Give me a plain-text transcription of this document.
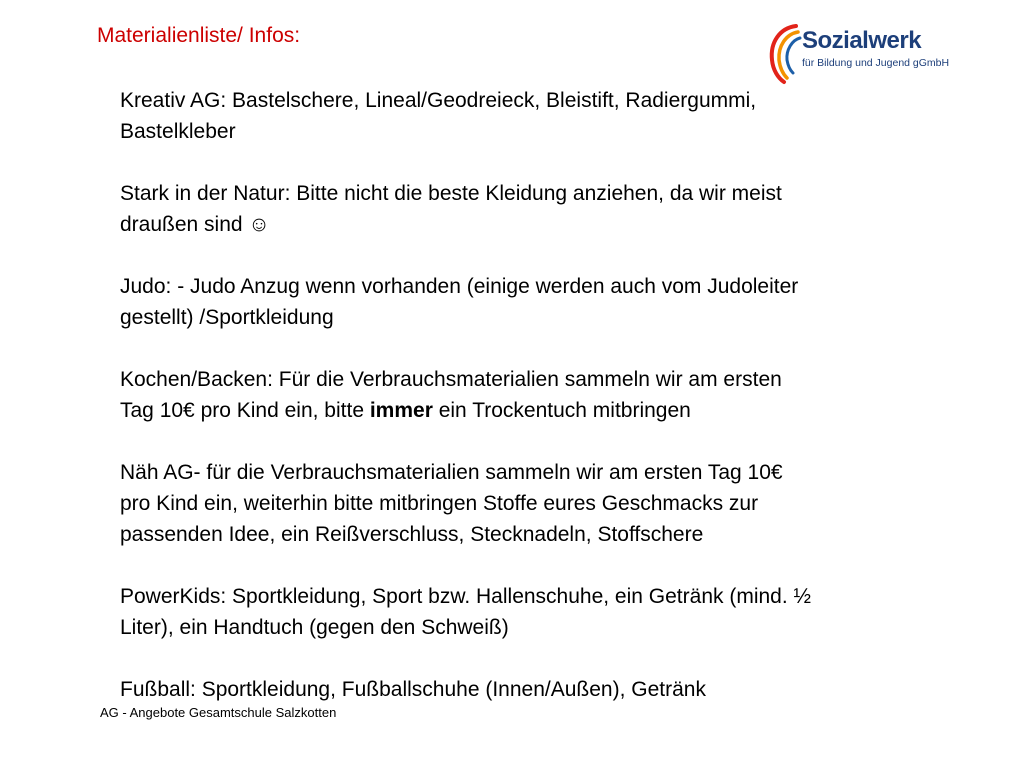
Materialienliste/ Infos:	Sozialwerk
für Bildung und Jugend gGmbH
Kreativ AG: Bastelschere, Lineal/Geodreieck, Bleistift, Radiergummi,
Bastelkleber
Stark in der Natur: Bitte nicht die beste Kleidung anziehen, da wir meist
draußen sind ☺
Judo: - Judo Anzug wenn vorhanden (einige werden auch vom Judoleiter
gestellt) /Sportkleidung
Kochen/Backen: Für die Verbrauchsmaterialien sammeln wir am ersten
Tag 10€ pro Kind ein, bitte immer ein Trockentuch mitbringen
Näh AG- für die Verbrauchsmaterialien sammeln wir am ersten Tag 10€
pro Kind ein, weiterhin bitte mitbringen Stoffe eures Geschmacks zur
passenden Idee, ein Reißverschluss, Stecknadeln, Stoffschere
PowerKids: Sportkleidung, Sport bzw. Hallenschuhe, ein Getränk (mind. ½
Liter), ein Handtuch (gegen den Schweiß)
Fußball: Sportkleidung, Fußballschuhe (Innen/Außen), Getränk
AG - Angebote Gesamtschule Salzkotten
